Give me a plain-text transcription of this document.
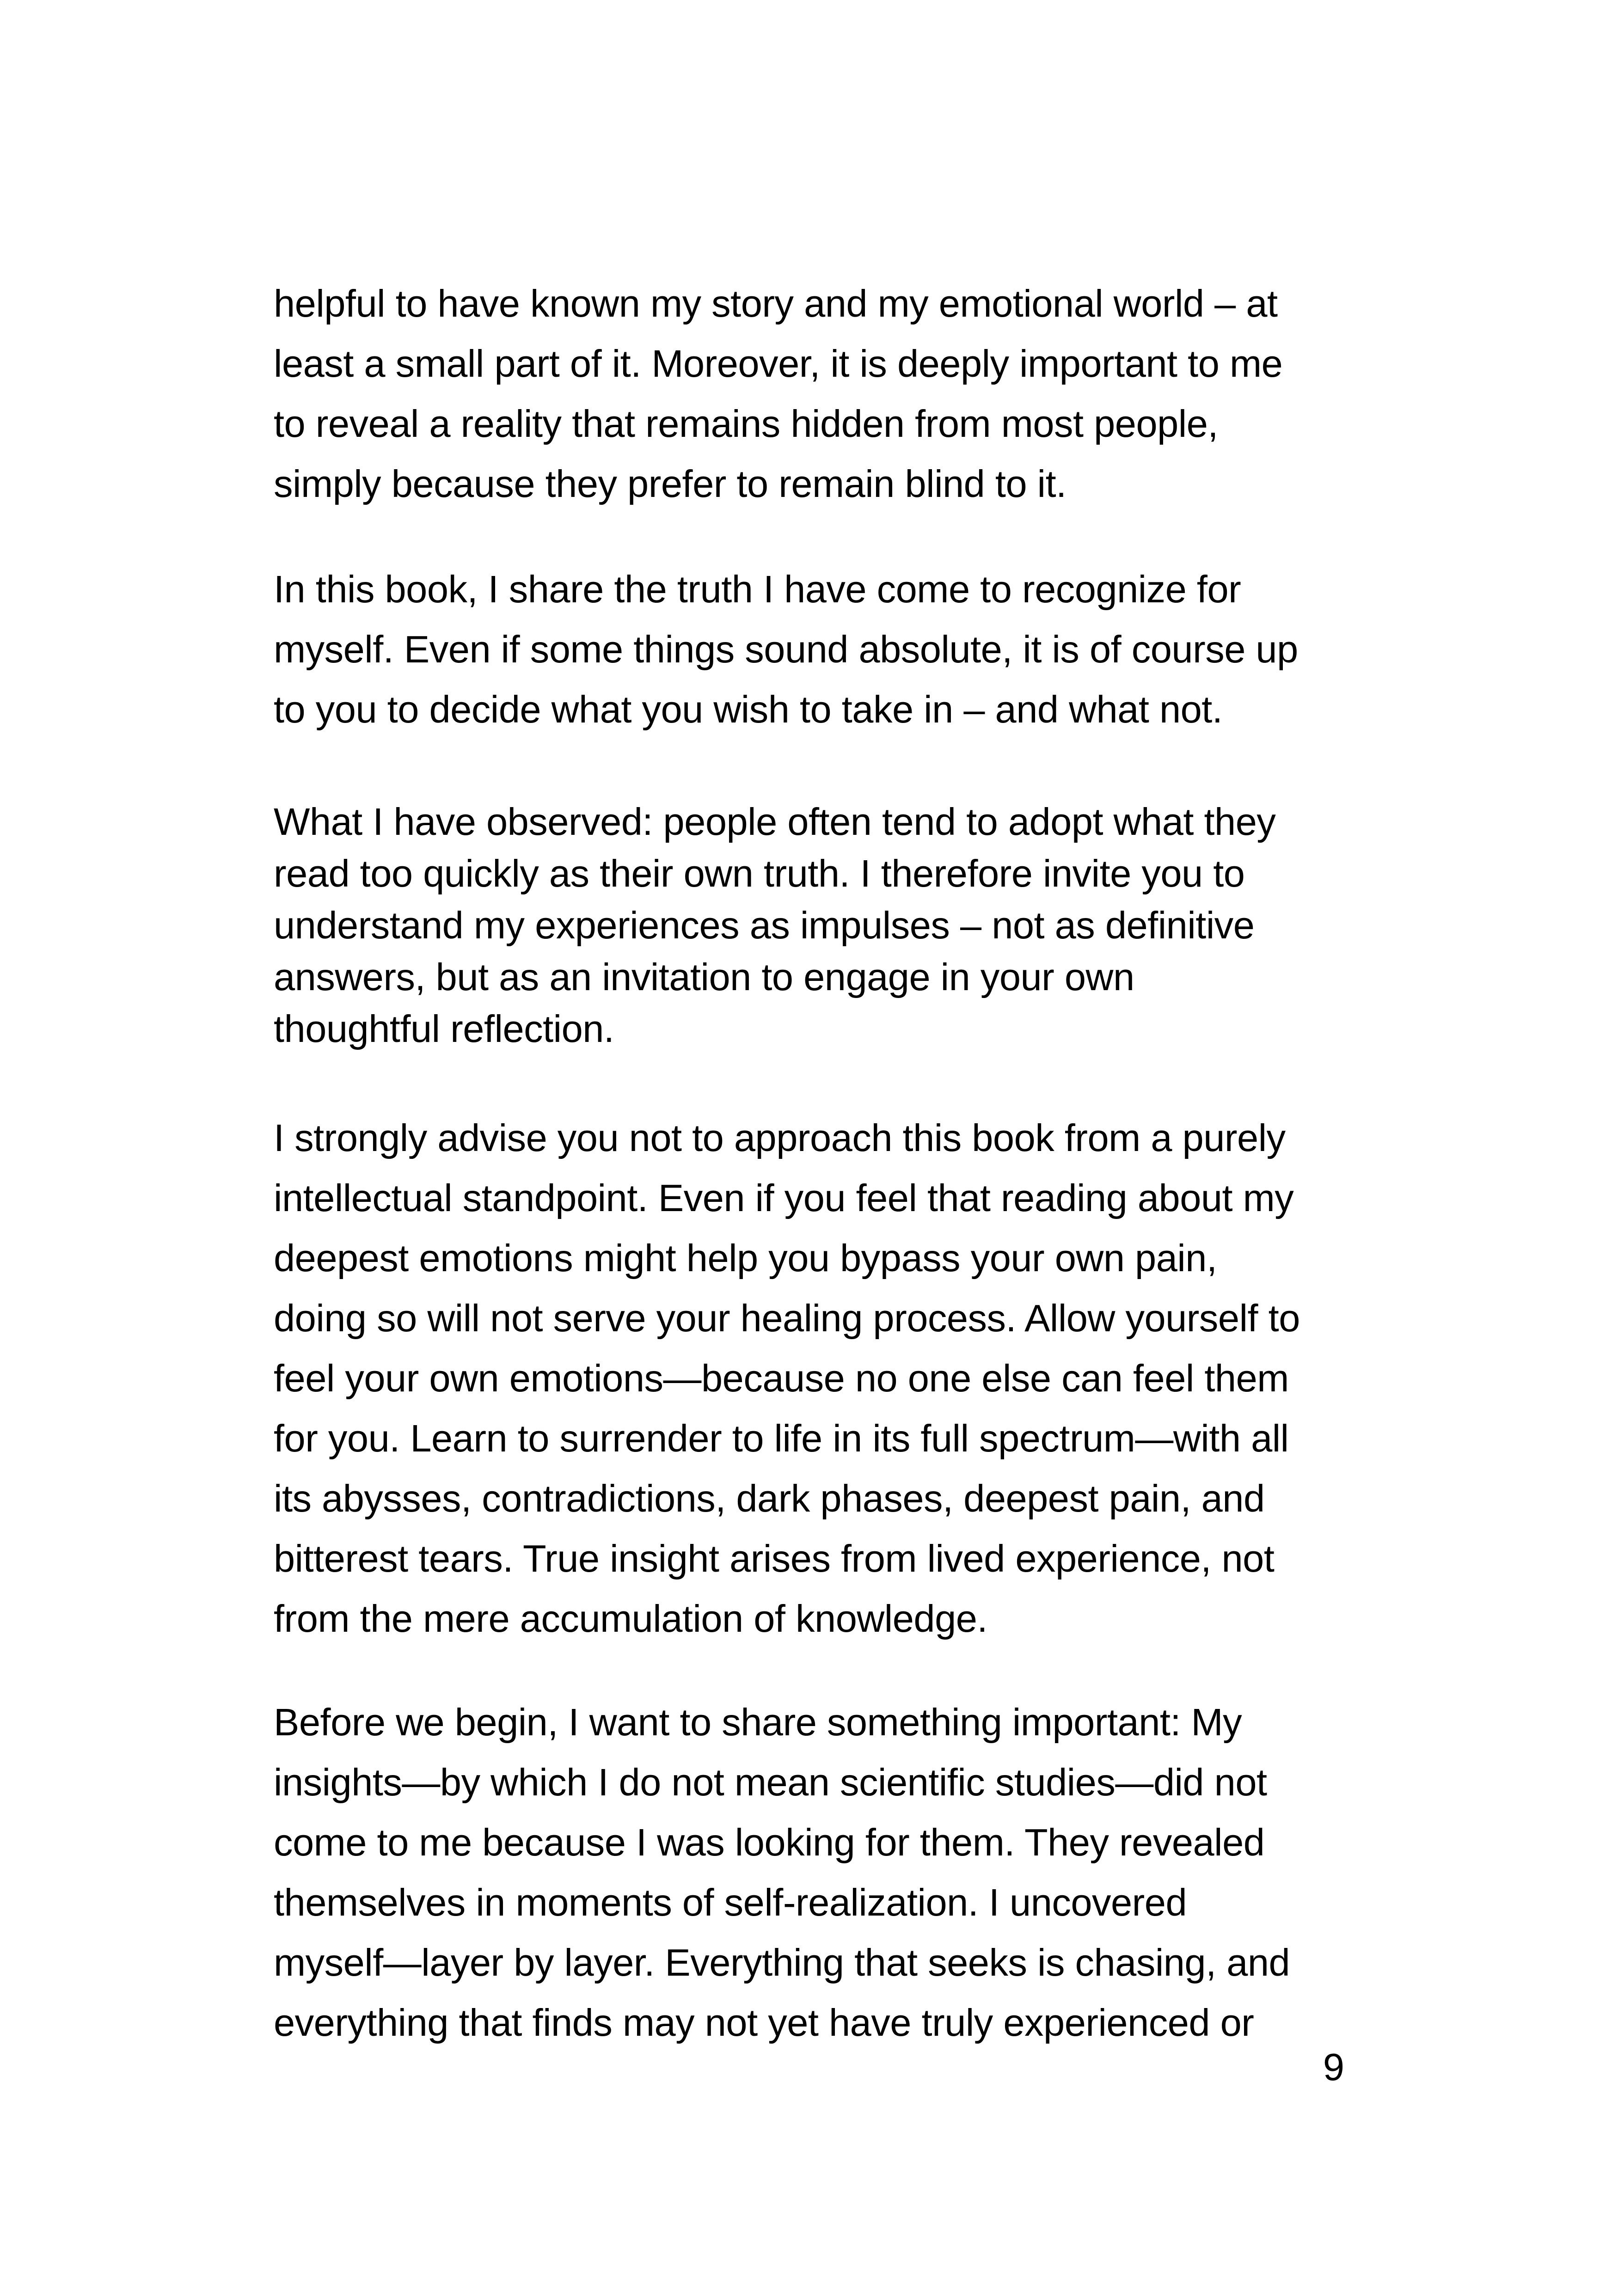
helpful to have known my story and my emotional world – at
least a small part of it. Moreover, it is deeply important to me
to reveal a reality that remains hidden from most people,
simply because they prefer to remain blind to it.

In this book, I share the truth I have come to recognize for
myself. Even if some things sound absolute, it is of course up
to you to decide what you wish to take in – and what not.

What I have observed: people often tend to adopt what they
read too quickly as their own truth. I therefore invite you to
understand my experiences as impulses – not as definitive
answers, but as an invitation to engage in your own
thoughtful reflection.

I strongly advise you not to approach this book from a purely
intellectual standpoint. Even if you feel that reading about my
deepest emotions might help you bypass your own pain,
doing so will not serve your healing process. Allow yourself to
feel your own emotions—because no one else can feel them
for you. Learn to surrender to life in its full spectrum—with all
its abysses, contradictions, dark phases, deepest pain, and
bitterest tears. True insight arises from lived experience, not
from the mere accumulation of knowledge.

Before we begin, I want to share something important: My
insights—by which I do not mean scientific studies—did not
come to me because I was looking for them. They revealed
themselves in moments of self-realization. I uncovered
myself—layer by layer. Everything that seeks is chasing, and
everything that finds may not yet have truly experienced or

9
